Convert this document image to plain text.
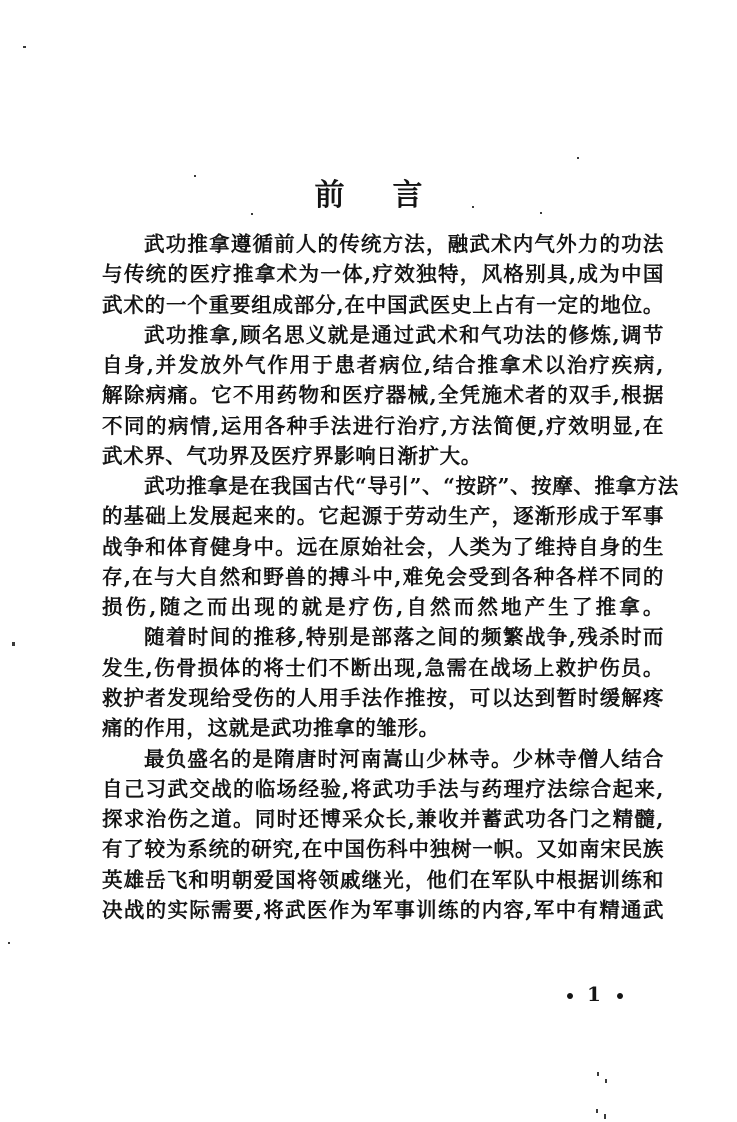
前 言

武功推拿遵循前人的传统方法，融武术内气外力的功法
与传统的医疗推拿术为一体,疗效独特，风格别具,成为中国
武术的一个重要组成部分,在中国武医史上占有一定的地位。

武功推拿,顾名思义就是通过武术和气功法的修炼,调节
自身,并发放外气作用于患者病位,结合推拿术以治疗疾病,
解除病痛。它不用药物和医疗器械,全凭施术者的双手,根据
不同的病情,运用各种手法进行治疗,方法简便,疗效明显,在
武术界、气功界及医疗界影响日渐扩大。

武功推拿是在我国古代“导引”、“按跻”、按摩、推拿方法
的基础上发展起来的。它起源于劳动生产，逐渐形成于军事
战争和体育健身中。远在原始社会，人类为了维持自身的生
存,在与大自然和野兽的搏斗中,难免会受到各种各样不同的
损伤,随之而出现的就是疗伤,自然而然地产生了推拿。

随着时间的推移,特别是部落之间的频繁战争,残杀时而
发生,伤骨损体的将士们不断出现,急需在战场上救护伤员。
救护者发现给受伤的人用手法作推按，可以达到暂时缓解疼
痛的作用，这就是武功推拿的雏形。

最负盛名的是隋唐时河南嵩山少林寺。少林寺僧人结合
自己习武交战的临场经验,将武功手法与药理疗法综合起来,
探求治伤之道。同时还博采众长,兼收并蓄武功各门之精髓,
有了较为系统的研究,在中国伤科中独树一帜。又如南宋民族
英雄岳飞和明朝爱国将领戚继光，他们在军队中根据训练和
决战的实际需要,将武医作为军事训练的内容,军中有精通武

1
